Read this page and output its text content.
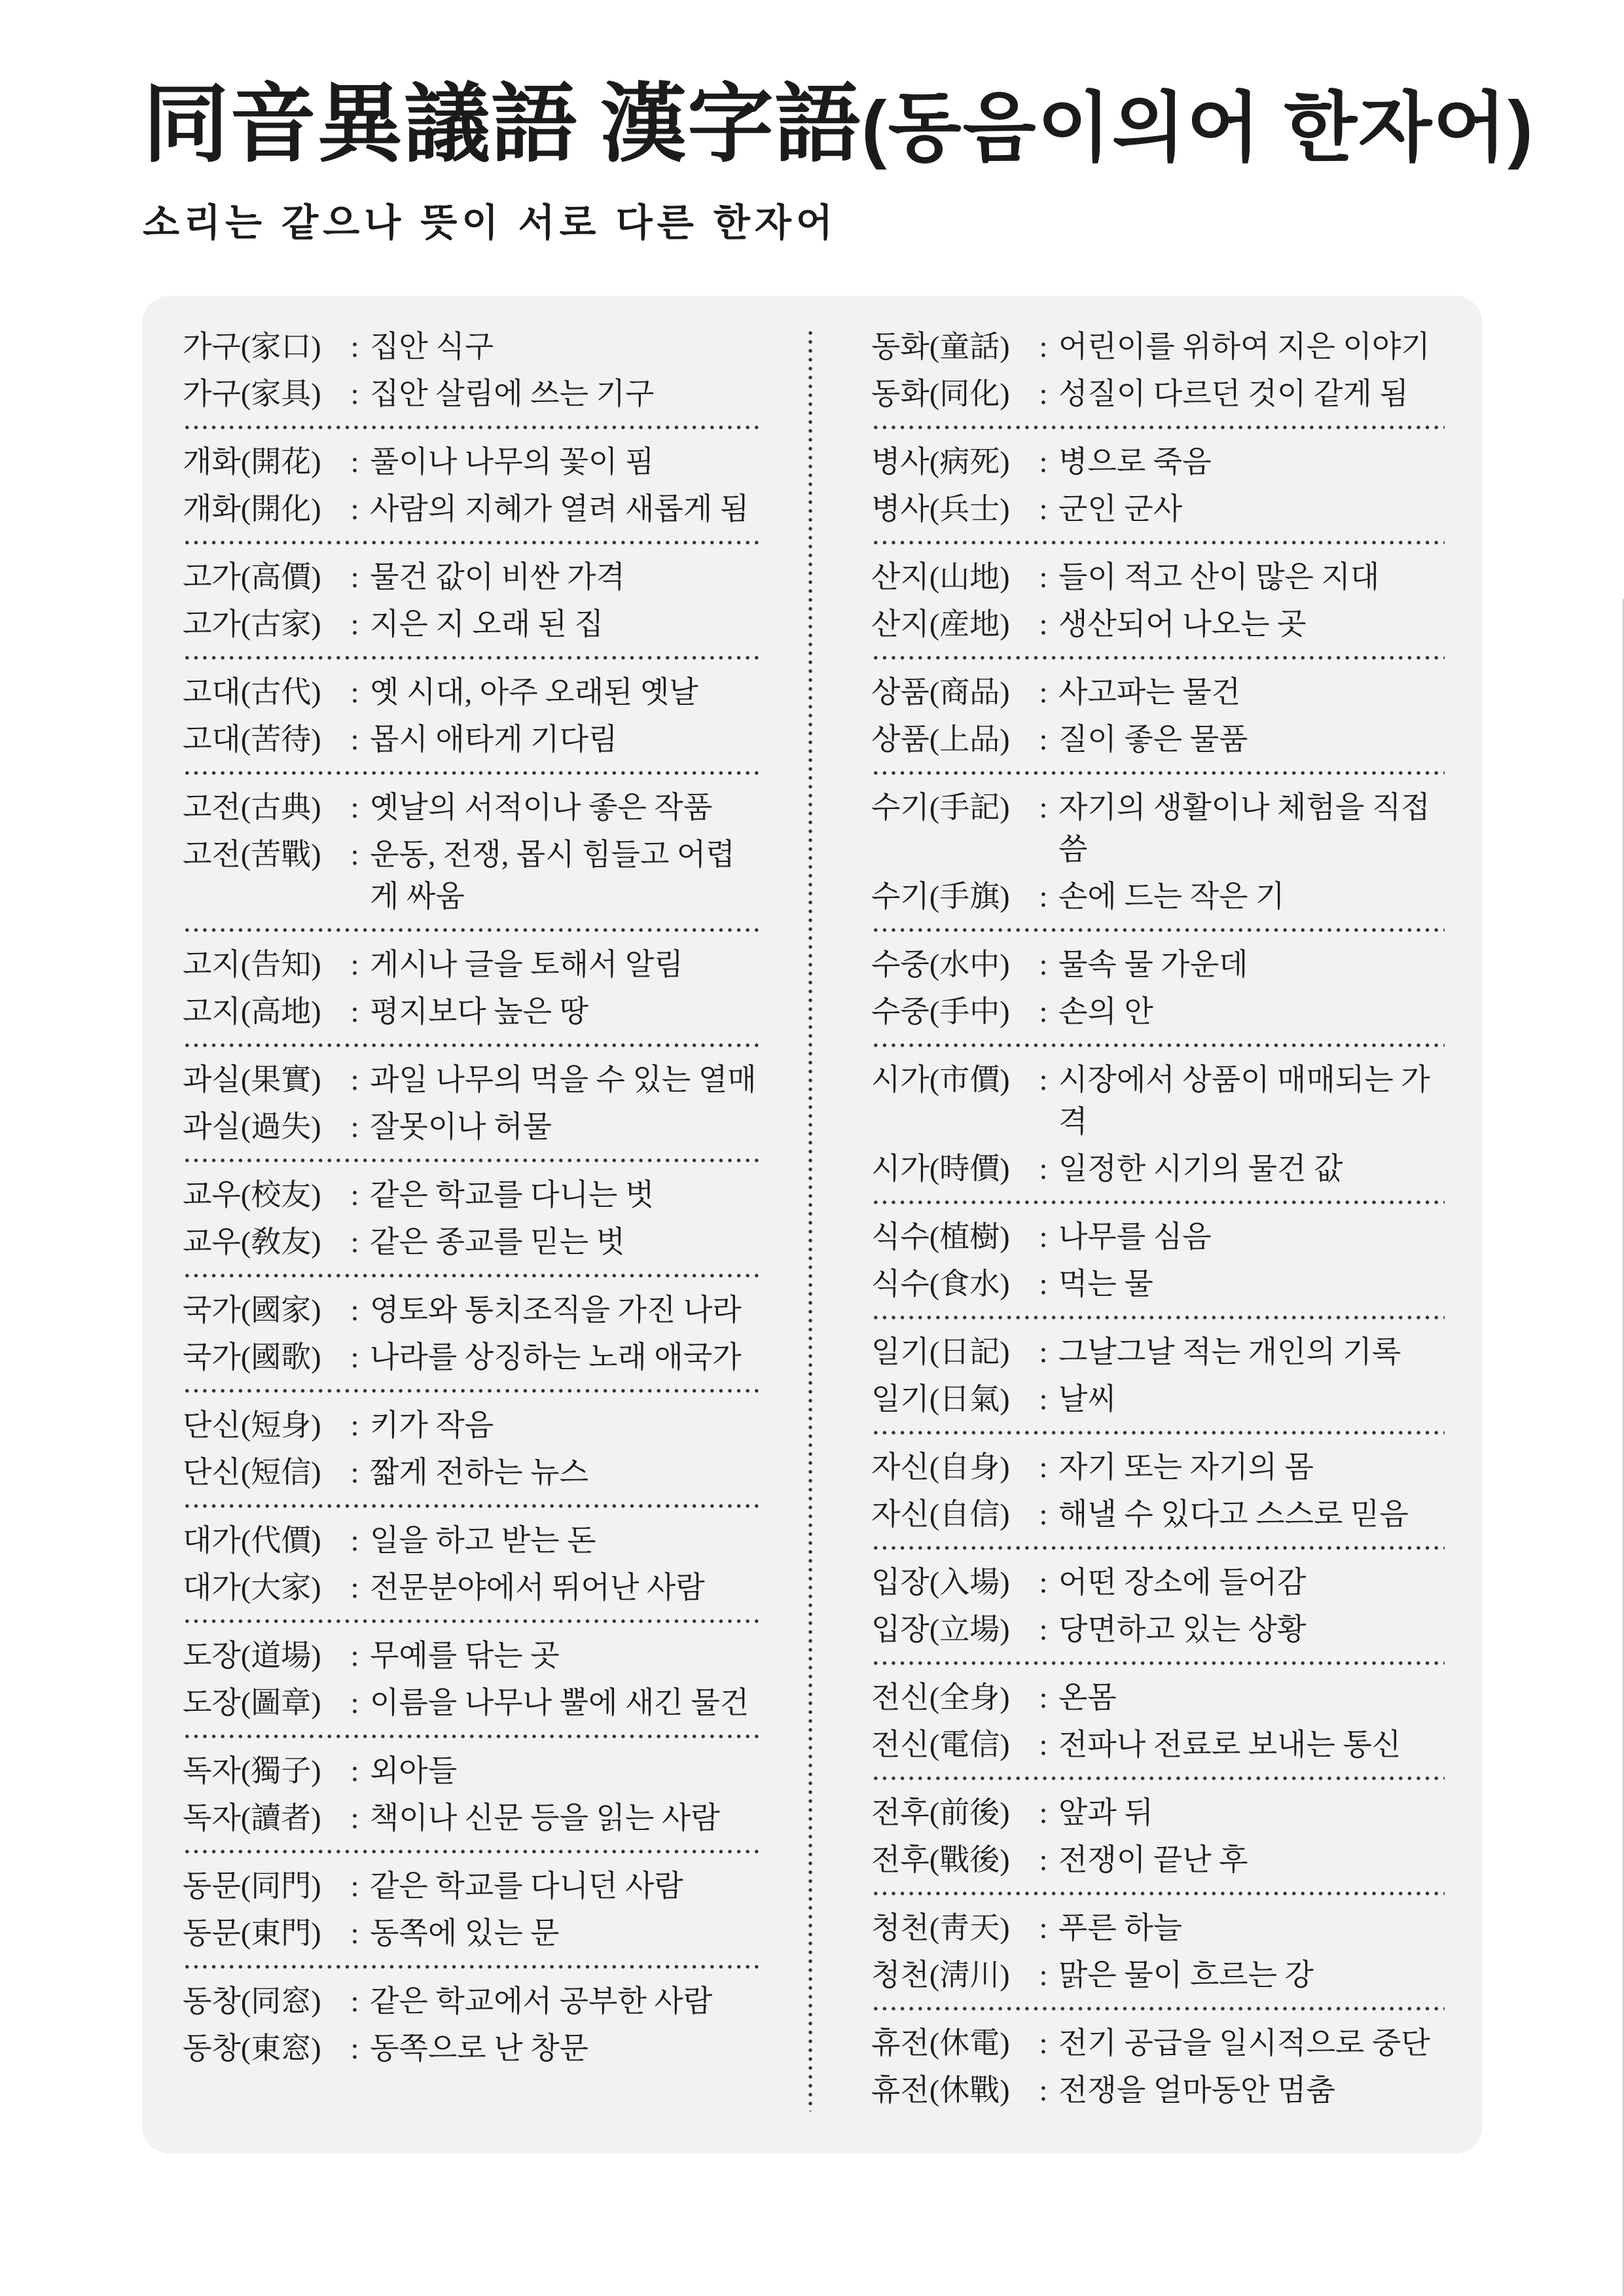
同音異議語 漢字語(동음이의어 한자어)
소리는 같으나 뜻이 서로 다른 한자어
가구(家口) : 집안 식구
가구(家具) : 집안 살림에 쓰는 기구
개화(開花) : 풀이나 나무의 꽃이 핌
개화(開化) : 사람의 지혜가 열려 새롭게 됨
고가(高價) : 물건 값이 비싼 가격
고가(古家) : 지은 지 오래 된 집
고대(古代) : 옛 시대, 아주 오래된 옛날
고대(苦待) : 몹시 애타게 기다림
고전(古典) : 옛날의 서적이나 좋은 작품
고전(苦戰) : 운동, 전쟁, 몹시 힘들고 어렵게 싸움
고지(告知) : 게시나 글을 토해서 알림
고지(高地) : 평지보다 높은 땅
과실(果實) : 과일 나무의 먹을 수 있는 열매
과실(過失) : 잘못이나 허물
교우(校友) : 같은 학교를 다니는 벗
교우(敎友) : 같은 종교를 믿는 벗
국가(國家) : 영토와 통치조직을 가진 나라
국가(國歌) : 나라를 상징하는 노래 애국가
단신(短身) : 키가 작음
단신(短信) : 짧게 전하는 뉴스
대가(代價) : 일을 하고 받는 돈
대가(大家) : 전문분야에서 뛰어난 사람
도장(道場) : 무예를 닦는 곳
도장(圖章) : 이름을 나무나 뿔에 새긴 물건
독자(獨子) : 외아들
독자(讀者) : 책이나 신문 등을 읽는 사람
동문(同門) : 같은 학교를 다니던 사람
동문(東門) : 동쪽에 있는 문
동창(同窓) : 같은 학교에서 공부한 사람
동창(東窓) : 동쪽으로 난 창문
동화(童話) : 어린이를 위하여 지은 이야기
동화(同化) : 성질이 다르던 것이 같게 됨
병사(病死) : 병으로 죽음
병사(兵士) : 군인 군사
산지(山地) : 들이 적고 산이 많은 지대
산지(産地) : 생산되어 나오는 곳
상품(商品) : 사고파는 물건
상품(上品) : 질이 좋은 물품
수기(手記) : 자기의 생활이나 체험을 직접 씀
수기(手旗) : 손에 드는 작은 기
수중(水中) : 물속 물 가운데
수중(手中) : 손의 안
시가(市價) : 시장에서 상품이 매매되는 가격
시가(時價) : 일정한 시기의 물건 값
식수(植樹) : 나무를 심음
식수(食水) : 먹는 물
일기(日記) : 그날그날 적는 개인의 기록
일기(日氣) : 날씨
자신(自身) : 자기 또는 자기의 몸
자신(自信) : 해낼 수 있다고 스스로 믿음
입장(入場) : 어떤 장소에 들어감
입장(立場) : 당면하고 있는 상황
전신(全身) : 온몸
전신(電信) : 전파나 전료로 보내는 통신
전후(前後) : 앞과 뒤
전후(戰後) : 전쟁이 끝난 후
청천(靑天) : 푸른 하늘
청천(淸川) : 맑은 물이 흐르는 강
휴전(休電) : 전기 공급을 일시적으로 중단
휴전(休戰) : 전쟁을 얼마동안 멈춤
